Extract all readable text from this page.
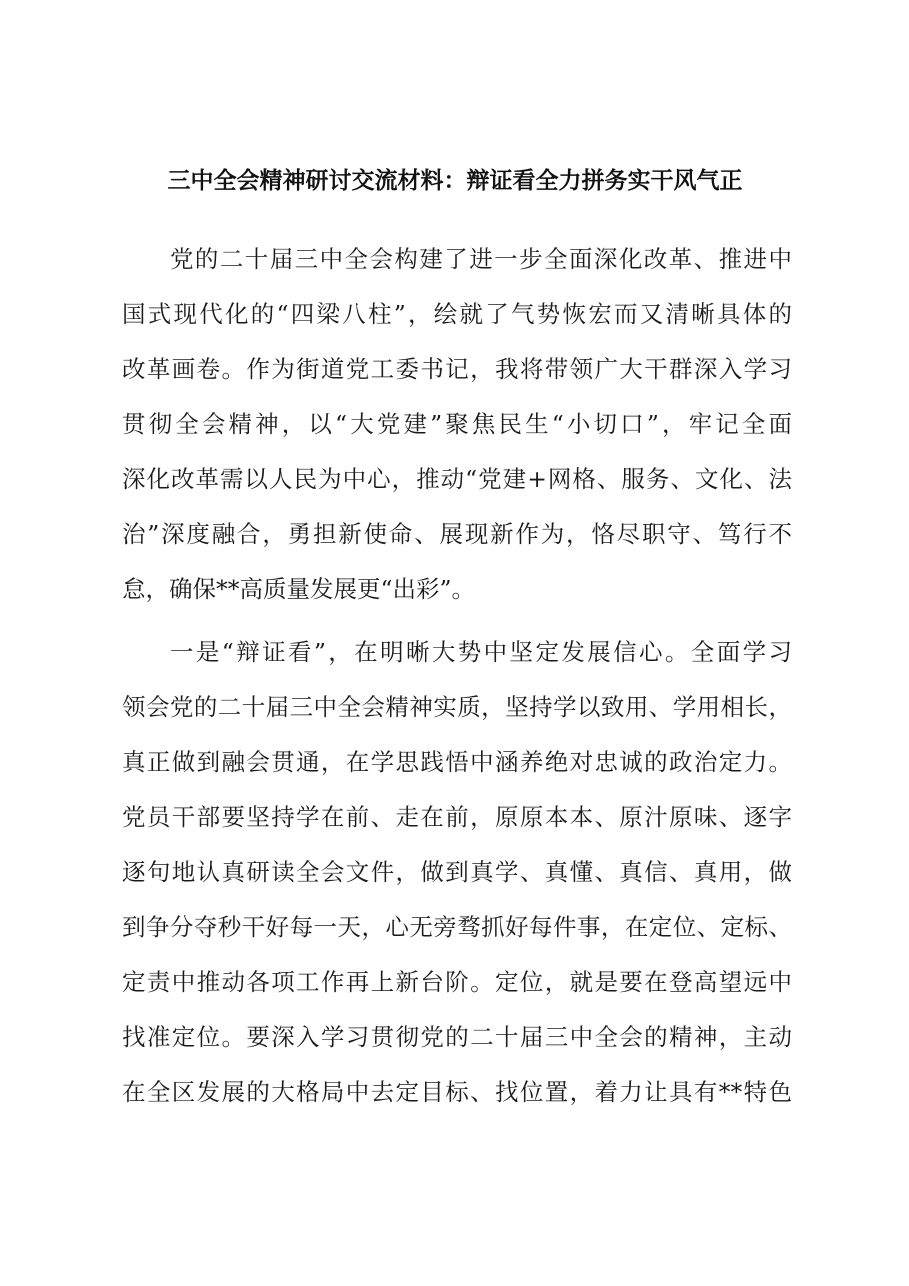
三中全会精神研讨交流材料：辩证看全力拼务实干风气正
党的二十届三中全会构建了进一步全面深化改革、推进中
国式现代化的“四梁八柱”，绘就了气势恢宏而又清晰具体的
改革画卷。作为街道党工委书记，我将带领广大干群深入学习
贯彻全会精神，以“大党建”聚焦民生“小切口”，牢记全面
深化改革需以人民为中心，推动“党建+网格、服务、文化、法
治”深度融合，勇担新使命、展现新作为，恪尽职守、笃行不
怠，确保**高质量发展更“出彩”。
一是“辩证看”，在明晰大势中坚定发展信心。全面学习
领会党的二十届三中全会精神实质，坚持学以致用、学用相长，
真正做到融会贯通，在学思践悟中涵养绝对忠诚的政治定力。
党员干部要坚持学在前、走在前，原原本本、原汁原味、逐字
逐句地认真研读全会文件，做到真学、真懂、真信、真用，做
到争分夺秒干好每一天，心无旁骛抓好每件事，在定位、定标、
定责中推动各项工作再上新台阶。定位，就是要在登高望远中
找准定位。要深入学习贯彻党的二十届三中全会的精神，主动
在全区发展的大格局中去定目标、找位置，着力让具有**特色
